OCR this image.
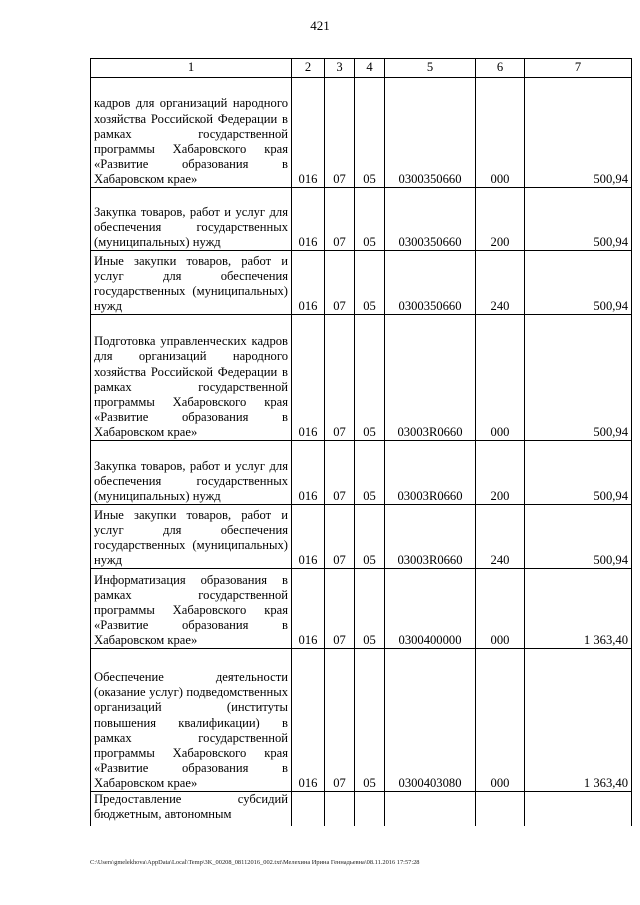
421
1	2	3	4	5	6	7
кадров для организаций народного хозяйства Российской Федерации в рамках государственной программы Хабаровского края «Развитие образования в Хабаровском крае»	016	07	05	0300350660	000	500,94
Закупка товаров, работ и услуг для обеспечения государственных (муниципальных) нужд	016	07	05	0300350660	200	500,94
Иные закупки товаров, работ и услуг для обеспечения государственных (муниципальных) нужд	016	07	05	0300350660	240	500,94
Подготовка управленческих кадров для организаций народного хозяйства Российской Федерации в рамках государственной программы Хабаровского края «Развитие образования в Хабаровском крае»	016	07	05	03003R0660	000	500,94
Закупка товаров, работ и услуг для обеспечения государственных (муниципальных) нужд	016	07	05	03003R0660	200	500,94
Иные закупки товаров, работ и услуг для обеспечения государственных (муниципальных) нужд	016	07	05	03003R0660	240	500,94
Информатизация образования в рамках государственной программы Хабаровского края «Развитие образования в Хабаровском крае»	016	07	05	0300400000	000	1 363,40
Обеспечение деятельности (оказание услуг) подведомственных организаций (институты повышения квалификации) в рамках государственной программы Хабаровского края «Развитие образования в Хабаровском крае»	016	07	05	0300403080	000	1 363,40
Предоставление субсидий бюджетным, автономным						
C:\Users\gmelekhova\AppData\Local\Temp\3K_00208_08112016_002.txt\Мелехина Ирина Геннадьевна\08.11.2016 17:57:28
